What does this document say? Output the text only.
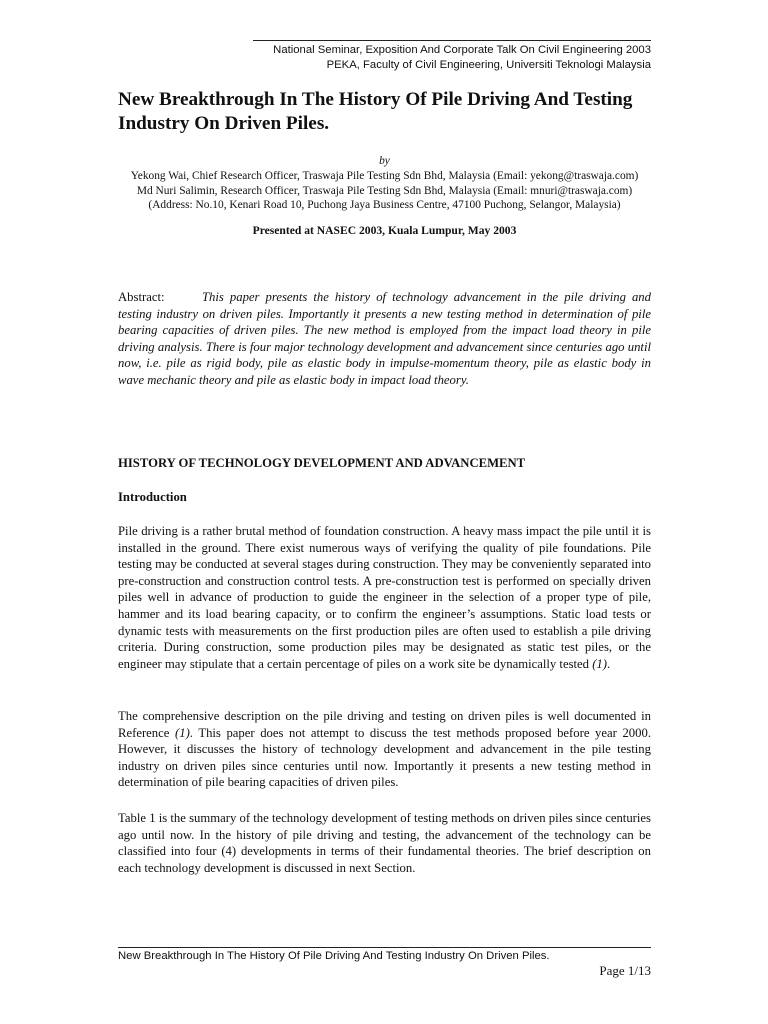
National Seminar, Exposition And Corporate Talk On Civil Engineering 2003
PEKA, Faculty of Civil Engineering, Universiti Teknologi Malaysia
New Breakthrough In The History Of Pile Driving And Testing Industry On Driven Piles.
by
Yekong Wai, Chief Research Officer, Traswaja Pile Testing Sdn Bhd, Malaysia (Email: yekong@traswaja.com)
Md Nuri Salimin, Research Officer, Traswaja Pile Testing Sdn Bhd, Malaysia (Email: mnuri@traswaja.com)
(Address: No.10, Kenari Road 10, Puchong Jaya Business Centre, 47100 Puchong, Selangor, Malaysia)
Presented at NASEC 2003, Kuala Lumpur, May 2003

Abstract:	This paper presents the history of technology advancement in the pile driving and testing industry on driven piles. Importantly it presents a new testing method in determination of pile bearing capacities of driven piles. The new method is employed from the impact load theory in pile driving analysis. There is four major technology development and advancement since centuries ago until now, i.e. pile as rigid body, pile as elastic body in impulse-momentum theory, pile as elastic body in wave mechanic theory and pile as elastic body in impact load theory.

HISTORY OF TECHNOLOGY DEVELOPMENT AND ADVANCEMENT
Introduction

Pile driving is a rather brutal method of foundation construction. A heavy mass impact the pile until it is installed in the ground. There exist numerous ways of verifying the quality of pile foundations. Pile testing may be conducted at several stages during construction. They may be conveniently separated into pre-construction and construction control tests. A pre-construction test is performed on specially driven piles well in advance of production to guide the engineer in the selection of a proper type of pile, hammer and its load bearing capacity, or to confirm the engineer’s assumptions. Static load tests or dynamic tests with measurements on the first production piles are often used to establish a pile driving criteria. During construction, some production piles may be designated as static test piles, or the engineer may stipulate that a certain percentage of piles on a work site be dynamically tested (1).

The comprehensive description on the pile driving and testing on driven piles is well documented in Reference (1). This paper does not attempt to discuss the test methods proposed before year 2000. However, it discusses the history of technology development and advancement in the pile testing industry on driven piles since centuries until now. Importantly it presents a new testing method in determination of pile bearing capacities of driven piles.

Table 1 is the summary of the technology development of testing methods on driven piles since centuries ago until now. In the history of pile driving and testing, the advancement of the technology can be classified into four (4) developments in terms of their fundamental theories. The brief description on each technology development is discussed in next Section.

New Breakthrough In The History Of Pile Driving And Testing Industry On Driven Piles.
Page 1/13
